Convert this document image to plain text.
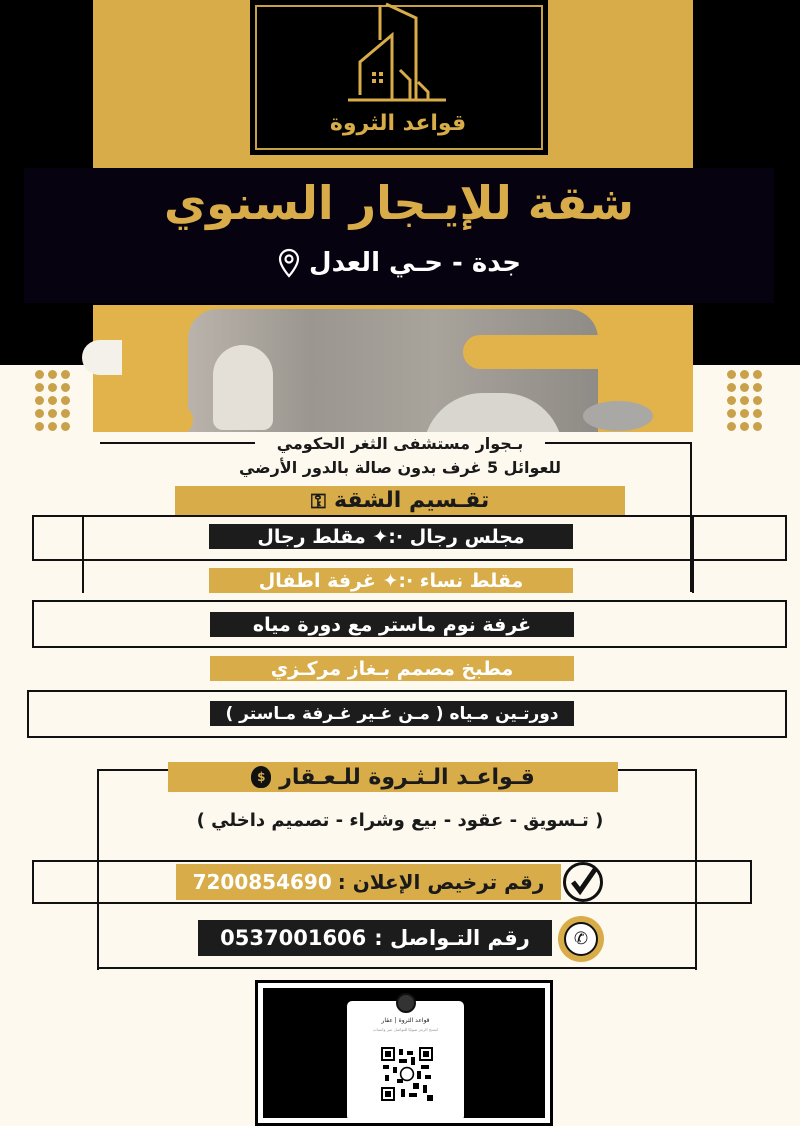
قواعد الثروة
شقة للإيـجار السنوي
جدة - حـي العدل
بـجوار مستشفى الثغر الحكومي
للعوائل 5 غرف بدون صالة بالدور الأرضي
تقـسيم الشقة
⚿
مجلس رجال ·:✦ مقلط رجال
مقلط نساء ·:✦ غرفة اطفال
غرفة نوم ماستر مع دورة مياه
مطبخ مصمم بـغاز مركـزي
دورتـين مـياه ( مـن غـير غـرفة مـاستر )
قـواعـد الـثـروة للـعـقار
$
( تـسويق - عقود - بيع وشراء - تصميم داخلي )
رقم ترخيص الإعلان :
7200854690
رقم التـواصل :
0537001606	✆
قواعد الثروة | عقار
امسح الرمز ضوئيًا للتواصل عبر واتساب
